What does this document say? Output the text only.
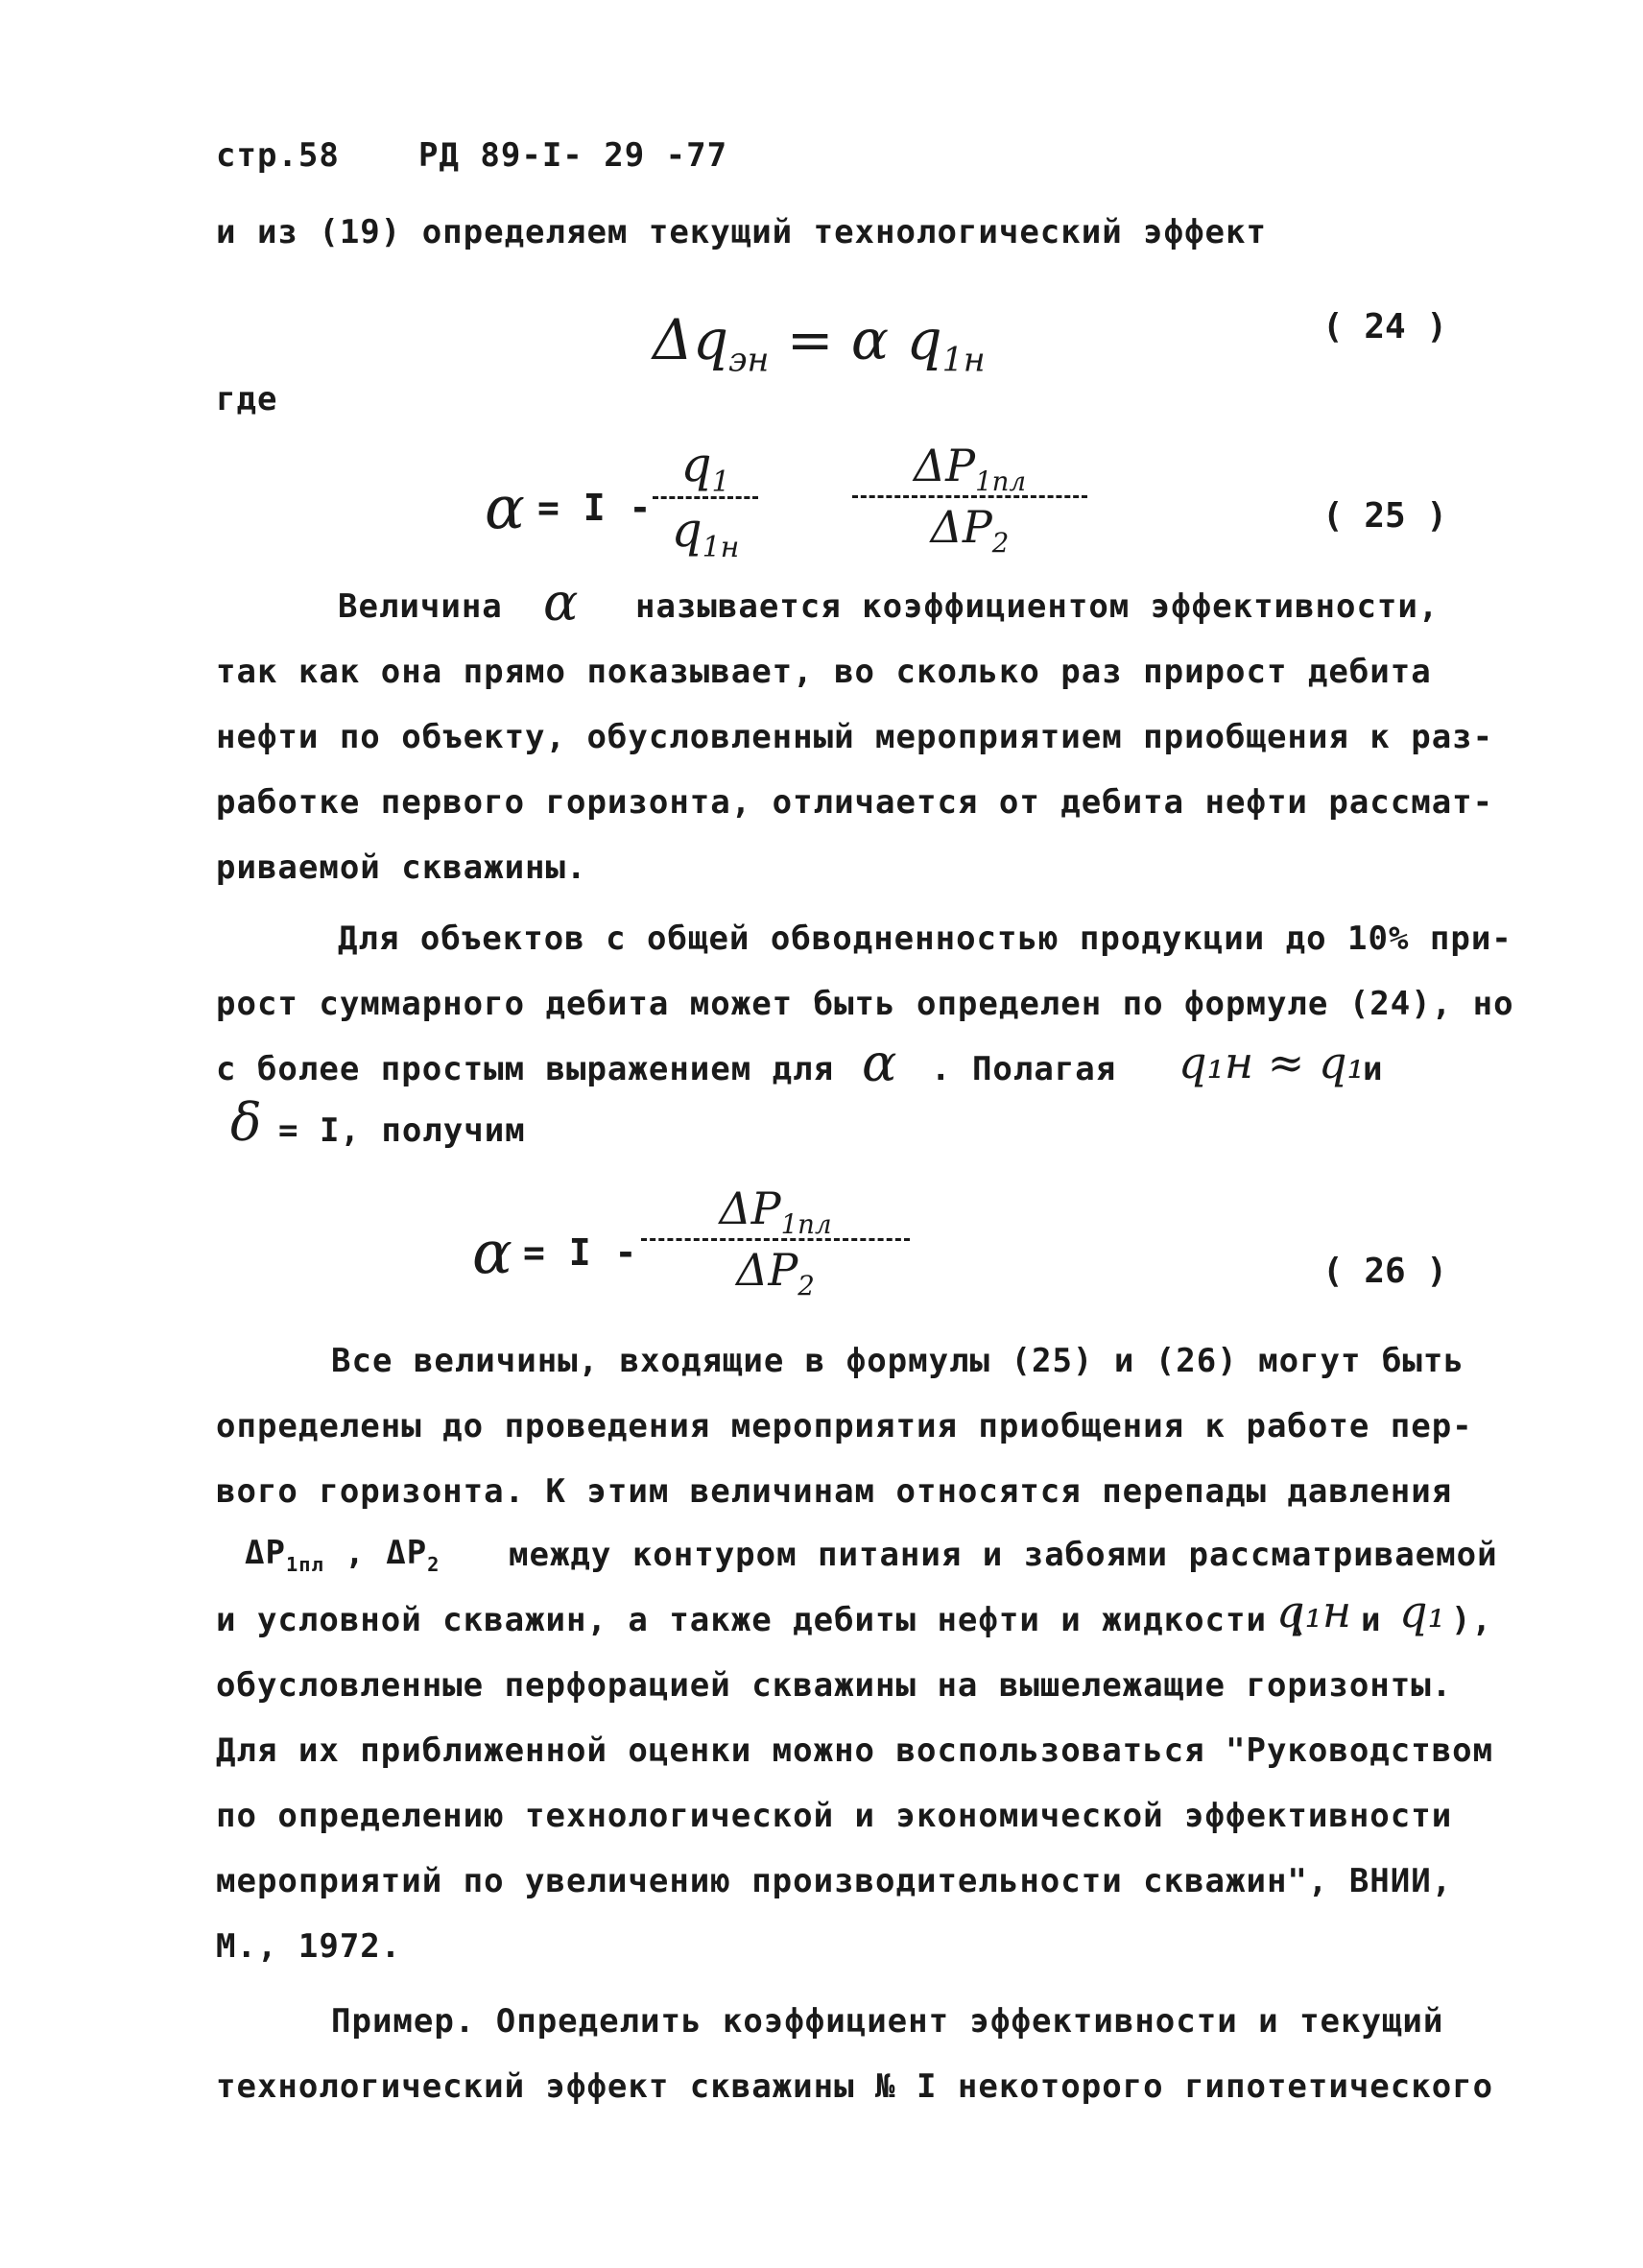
стр.58 РД 89-I- 29 -77
и из (19) определяем текущий технологический эффект
$\Delta q_{эн} = \alpha$ $q_{1н}$
( 24 )
где
α = I -
$q_1$
$q_{1н}$
$\Delta P_{1пл}$
$\Delta P_2$
( 25 )
Величина α называется коэффициентом эффективности,
так как она прямо показывает, во сколько раз прирост дебита
нефти по объекту, обусловленный мероприятием приобщения к раз-
работке первого горизонта, отличается от дебита нефти рассмат-
риваемой скважины.
Для объектов с общей обводненностью продукции до 10% при-
рост суммарного дебита может быть определен по формуле (24), но
с более простым выражением для α . Полагая q₁н ≈ q₁
и
δ = I, получим
α = I -
$\Delta P_{1пл}$
$\Delta P_2$	( 26 )
Все величины, входящие в формулы (25) и (26) могут быть
определены до проведения мероприятия приобщения к работе пер-
вого горизонта. К этим величинам относятся перепады давления
$\Delta P_{1пл}$ , $\Delta P_2$ между контуром питания и забоями рассматриваемой
и условной скважин, а также дебиты нефти и жидкости (
q₁н и q₁ ),
обусловленные перфорацией скважины на вышележащие горизонты.
Для их приближенной оценки можно воспользоваться "Руководством
по определению технологической и экономической эффективности
мероприятий по увеличению производительности скважин", ВНИИ,
М., 1972.
Пример. Определить коэффициент эффективности и текущий
технологический эффект скважины № I некоторого гипотетического
